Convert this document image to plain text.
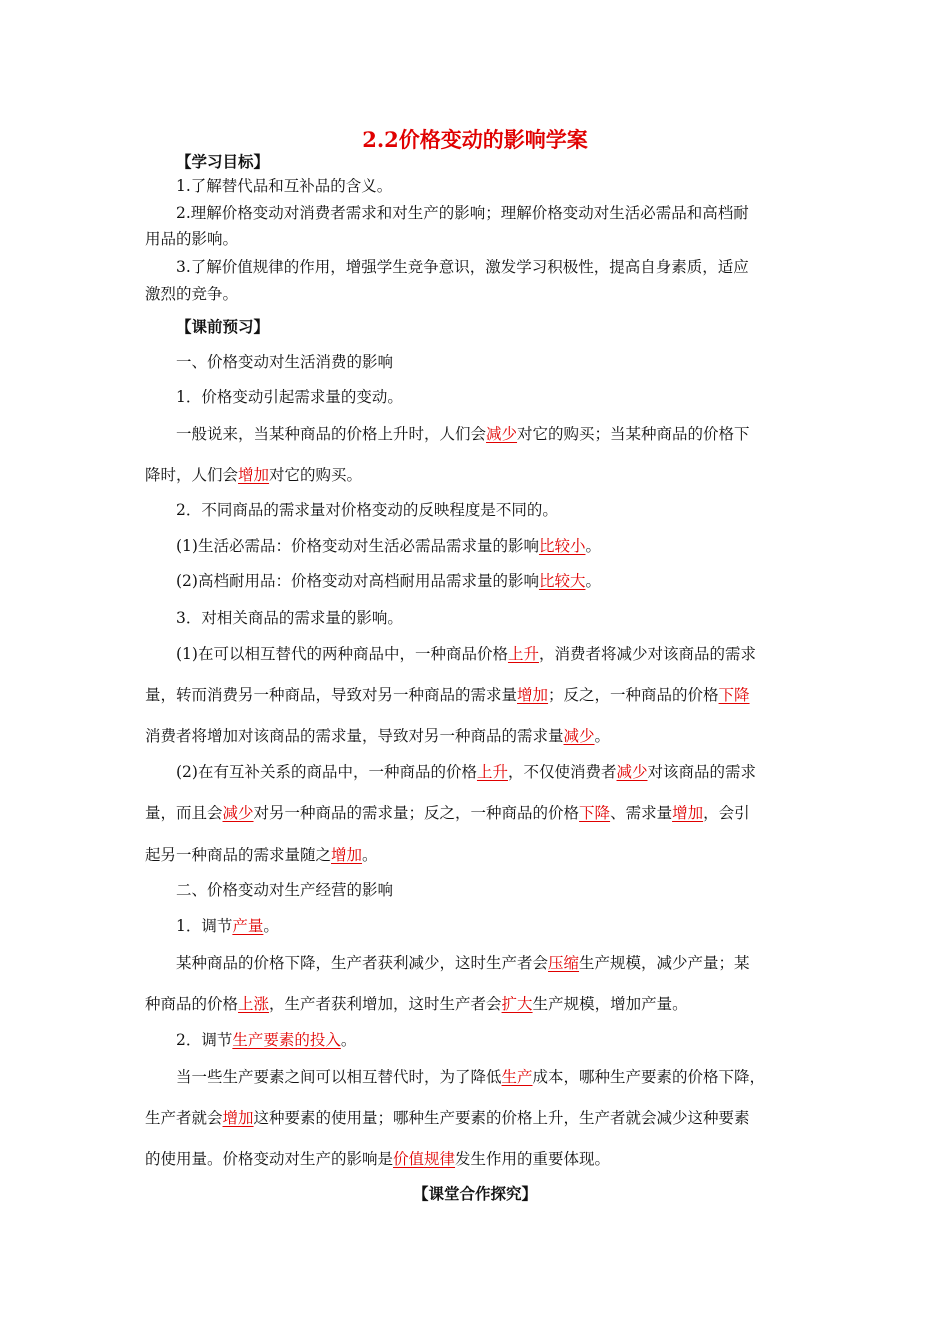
2.2价格变动的影响学案
【学习目标】
1.了解替代品和互补品的含义。
2.理解价格变动对消费者需求和对生产的影响；理解价格变动对生活必需品和高档耐
用品的影响。
3.了解价值规律的作用，增强学生竞争意识，激发学习积极性，提高自身素质，适应
激烈的竞争。
【课前预习】
一、价格变动对生活消费的影响
1．价格变动引起需求量的变动。
一般说来，当某种商品的价格上升时，人们会减少对它的购买；当某种商品的价格下
降时，人们会增加对它的购买。
2．不同商品的需求量对价格变动的反映程度是不同的。
(1)生活必需品：价格变动对生活必需品需求量的影响比较小。
(2)高档耐用品：价格变动对高档耐用品需求量的影响比较大。
3．对相关商品的需求量的影响。
(1)在可以相互替代的两种商品中，一种商品价格上升，消费者将减少对该商品的需求
量，转而消费另一种商品，导致对另一种商品的需求量增加；反之，一种商品的价格下降
消费者将增加对该商品的需求量，导致对另一种商品的需求量减少。
(2)在有互补关系的商品中，一种商品的价格上升，不仅使消费者减少对该商品的需求
量，而且会减少对另一种商品的需求量；反之，一种商品的价格下降、需求量增加，会引
起另一种商品的需求量随之增加。
二、价格变动对生产经营的影响
1．调节产量。
某种商品的价格下降，生产者获利减少，这时生产者会压缩生产规模，减少产量；某
种商品的价格上涨，生产者获利增加，这时生产者会扩大生产规模，增加产量。
2．调节生产要素的投入。
当一些生产要素之间可以相互替代时，为了降低生产成本，哪种生产要素的价格下降，
生产者就会增加这种要素的使用量；哪种生产要素的价格上升，生产者就会减少这种要素
的使用量。价格变动对生产的影响是价值规律发生作用的重要体现。
【课堂合作探究】
